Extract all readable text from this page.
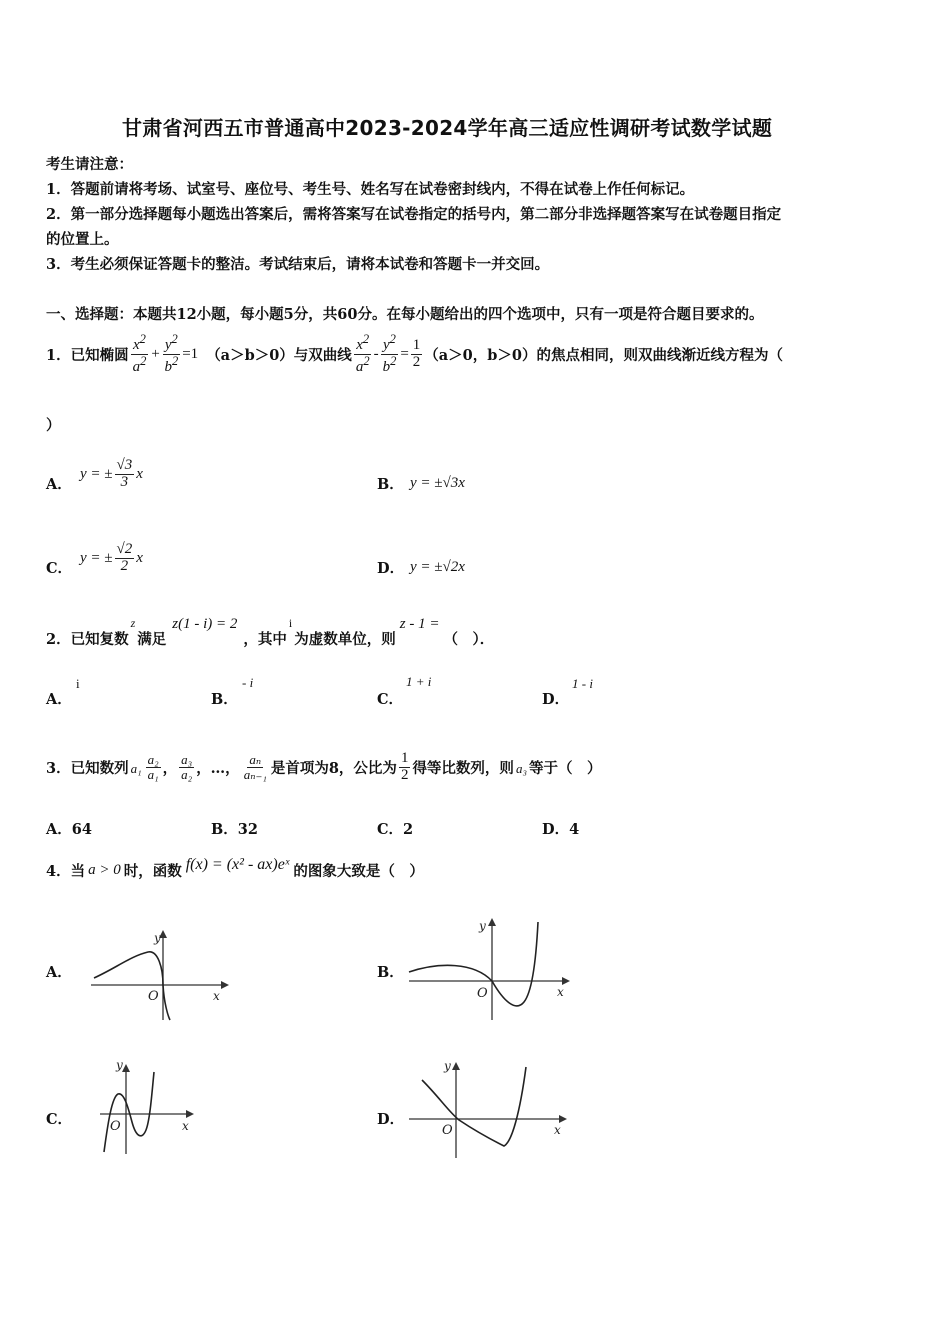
甘肃省河西五市普通高中2023-2024学年高三适应性调研考试数学试题
考生请注意：
1．答题前请将考场、试室号、座位号、考生号、姓名写在试卷密封线内，不得在试卷上作任何标记。
2．第一部分选择题每小题选出答案后，需将答案写在试卷指定的括号内，第二部分非选择题答案写在试卷题目指定
的位置上。
3．考生必须保证答题卡的整洁。考试结束后，请将本试卷和答题卡一并交回。
一、选择题：本题共12小题，每小题5分，共60分。在每小题给出的四个选项中，只有一项是符合题目要求的。
1．已知椭圆 $\frac{x^2}{a^2} + \frac{y^2}{b^2} =1$ （a＞b＞0）与双曲线 $\frac{x^2}{a^2} - \frac{y^2}{b^2} = \frac{1}{2} (a>0$，b＞0）的焦点相同，则双曲线渐近线方程为（
）
A．
y = ± $\frac{√3}{3}$ x
B． y = ±√3x
C．
y = ± $\frac{√2}{2}$ x
D． y = ±√2x
2．已知复数
z
满足
z(1 - i) = 2
，其中
i
为虚数单位，则
z - 1 =
（　）．
A．
i
B．
- i
C．
1 + i
D．
1 - i
3．已知数列 $a_1 \frac{\text{a₂}}{\text{a₁}}$ ， $\frac{\text{a₃}}{\text{a₂}}$ ，…， $\frac{\text{aₙ}}{\text{aₙ₋₁}}$ 是首项为8，公比为 $\frac{1}{2}$ 得等比数列，则 a₃ 等于（　）
A．64	B．32	C．2	D．4
4．当 a > 0 时，函数 f(x) = (x² - ax)eˣ 的图象大致是（　）
A．	B．
C．	D．
y
O	x
y
O	x
y
O	x
y
O	x
